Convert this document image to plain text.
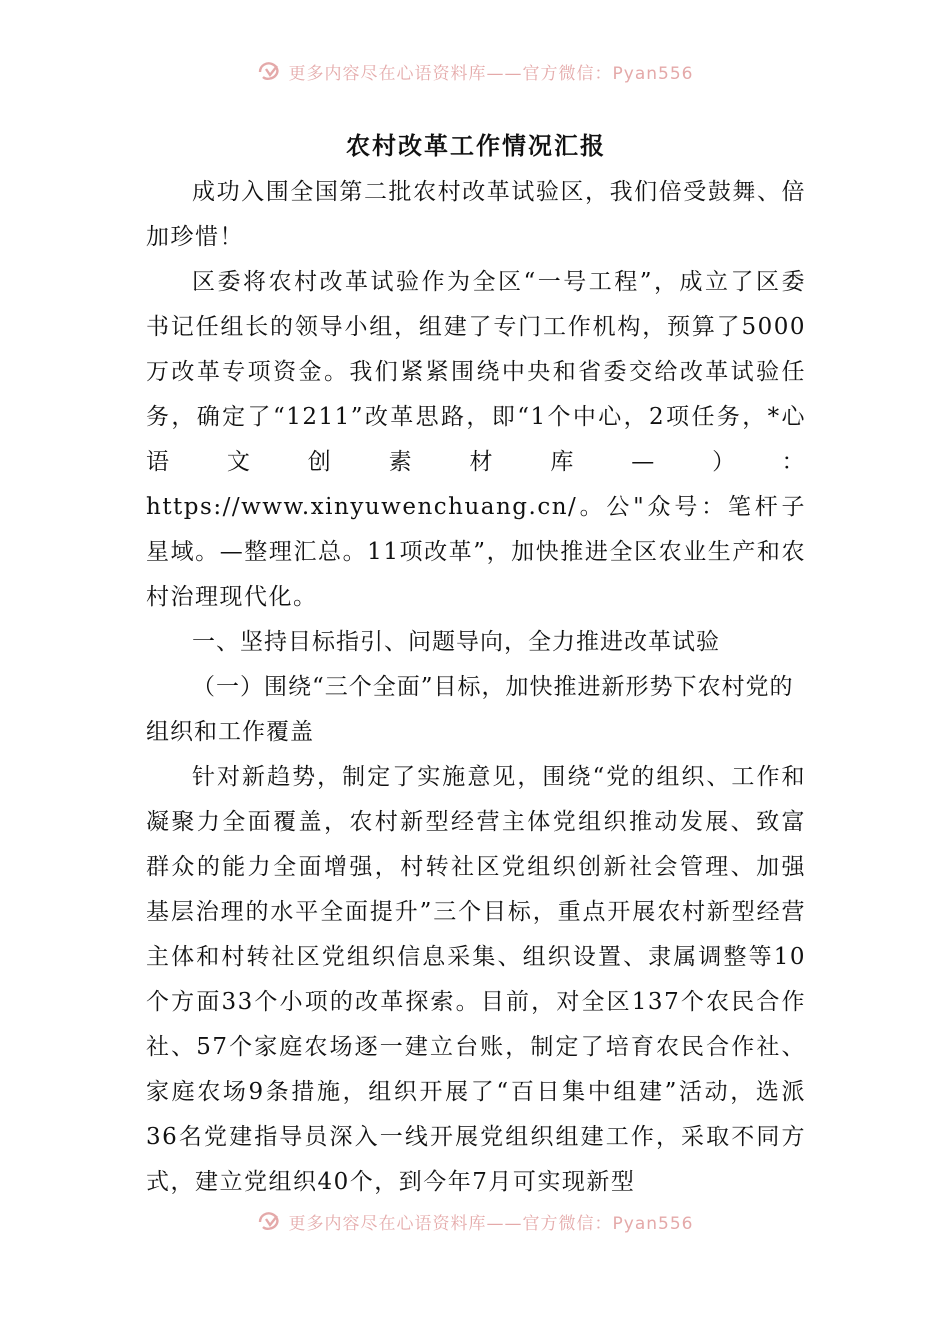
更多内容尽在心语资料库——官方微信：Pyan556
农村改革工作情况汇报

成功入围全国第二批农村改革试验区，我们倍受鼓舞、倍加珍惜！

区委将农村改革试验作为全区“一号工程”，成立了区委书记任组长的领导小组，组建了专门工作机构，预算了5000万改革专项资金。我们紧紧围绕中央和省委交给改革试验任务，确定了“1211”改革思路，即“1个中心，2项任务，*心语文创素材库—）：https://www.xinyuwenchuang.cn/。公"众号：笔杆子星域。—整理汇总。11项改革”，加快推进全区农业生产和农村治理现代化。

一、坚持目标指引、问题导向，全力推进改革试验

（一）围绕“三个全面”目标，加快推进新形势下农村党的组织和工作覆盖

针对新趋势，制定了实施意见，围绕“党的组织、工作和凝聚力全面覆盖，农村新型经营主体党组织推动发展、致富群众的能力全面增强，村转社区党组织创新社会管理、加强基层治理的水平全面提升”三个目标，重点开展农村新型经营主体和村转社区党组织信息采集、组织设置、隶属调整等10个方面33个小项的改革探索。目前，对全区137个农民合作社、57个家庭农场逐一建立台账，制定了培育农民合作社、家庭农场9条措施，组织开展了“百日集中组建”活动，选派36名党建指导员深入一线开展党组织组建工作，采取不同方式，建立党组织40个，到今年7月可实现新型

更多内容尽在心语资料库——官方微信：Pyan556
